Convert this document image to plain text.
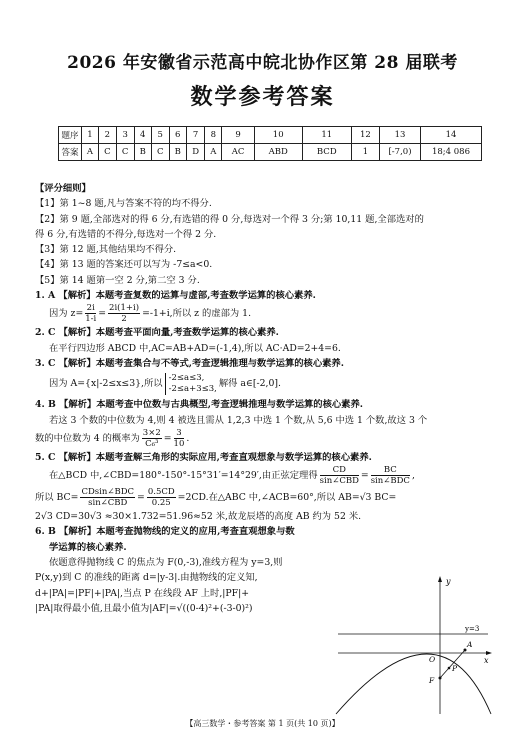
2026 年安徽省示范高中皖北协作区第 28 届联考
数学参考答案
题序	1	2	3	4	5	6	7	8	9	10	11	12	13	14
答案	A	C	C	B	C	B	D	A	AC	ABD	BCD	1	[-7,0)	18;4 086

【评分细则】

【1】第 1~8 题,凡与答案不符的均不得分.

【2】第 9 题,全部选对的得 6 分,有选错的得 0 分,每选对一个得 3 分;第 10,11 题,全部选对的

得 6 分,有选错的不得分,每选对一个得 2 分.

【3】第 12 题,其他结果均不得分.

【4】第 13 题的答案还可以写为 -7≤a<0.

【5】第 14 题第一空 2 分,第二空 3 分.

1. A 【解析】本题考查复数的运算与虚部,考查数学运算的核心素养.

因为 $z= \frac{2i}{1-i} = \frac{2i(1+i)}{2} =-1+i$,所以 z 的虚部为 1.

2. C 【解析】本题考查平面向量,考查数学运算的核心素养.

在平行四边形 ABCD 中,AC=AB+AD=(-1,4),所以 AC·AD=2+4=6.

3. C 【解析】本题考查集合与不等式,考查逻辑推理与数学运算的核心素养.

因为 A={x|-2≤x≤3},所以
-2≤a≤3,
-2≤a+3≤3, 解得 a∈[-2,0].

4. B 【解析】本题考查中位数与古典概型,考查逻辑推理与数学运算的核心素养.

若这 3 个数的中位数为 4,则 4 被选且需从 1,2,3 中选 1 个数,从 5,6 中选 1 个数,故这 3 个

数的中位数为 4 的概率为 $\frac{3\times 2}{\text{C₆³}} = \frac{3}{10}$ .

5. C 【解析】本题考查解三角形的实际应用,考查直观想象与数学运算的核心素养.

在△BCD 中,∠CBD=180°-150°-15°31′=14°29′,由正弦定理得 $\frac{CD}{\text{sin∠CBD}} = \frac{BC}{\text{sin∠BDC}}$ ,

所以 $BC= \frac{\text{CDsin∠BDC}}{\text{sin∠CBD}} = \frac{0.5CD}{0.25} =2CD$.在△ABC 中,∠ACB=60°,所以 AB=√3 BC=

2√3 CD=30√3 ≈30×1.732=51.96≈52 米,故龙辰塔的高度 AB 约为 52 米.

6. B 【解析】本题考查抛物线的定义的应用,考查直观想象与数

学运算的核心素养.

依题意得抛物线 C 的焦点为 F(0,-3),准线方程为 y=3,则

P(x,y)到 C 的准线的距离 d=|y-3|.由抛物线的定义知,

d+|PA|=|PF|+|PA|,当点 P 在线段 AF 上时,|PF|+

|PA|取得最小值,且最小值为|AF|=√((0-4)²+(-3-0)²)

y
x
y=3
O
A
P
F
【高三数学・参考答案 第 1 页(共 10 页)】
